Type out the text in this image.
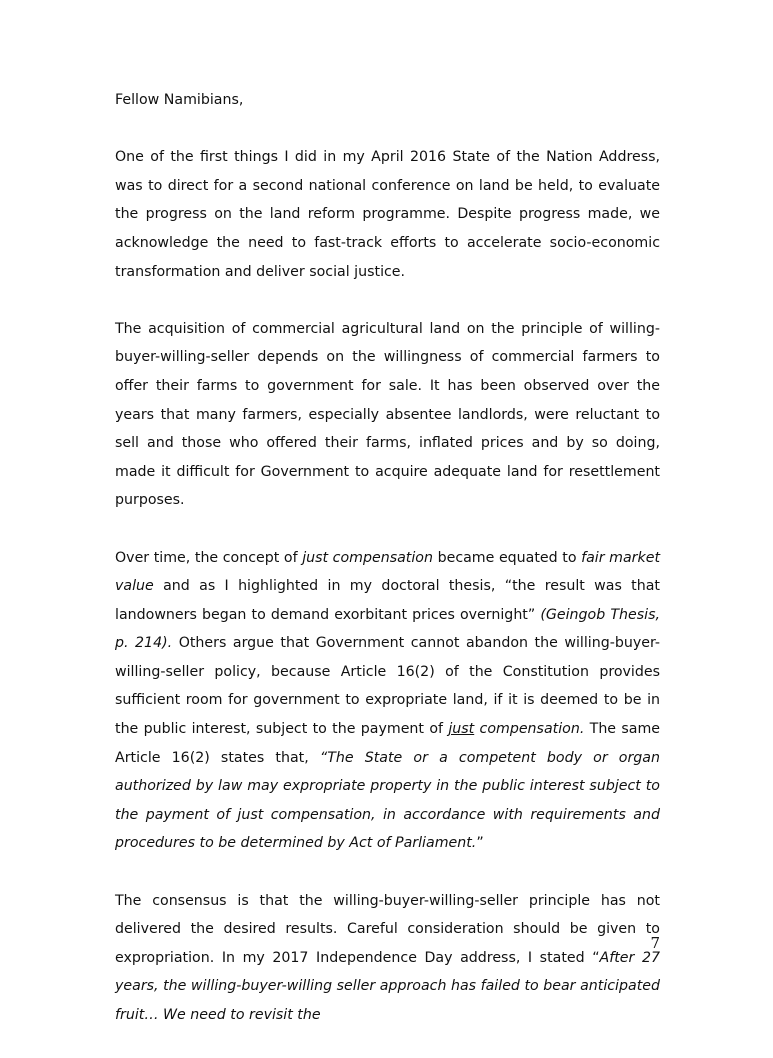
Fellow Namibians,

One of the first things I did in my April 2016 State of the Nation Address, was to direct for a second national conference on land be held, to evaluate the progress on the land reform programme. Despite progress made, we acknowledge the need to fast-track efforts to accelerate socio-economic transformation and deliver social justice.

The acquisition of commercial agricultural land on the principle of willing-buyer-willing-seller depends on the willingness of commercial farmers to offer their farms to government for sale. It has been observed over the years that many farmers, especially absentee landlords, were reluctant to sell and those who offered their farms, inflated prices and by so doing, made it difficult for Government to acquire adequate land for resettlement purposes.

Over time, the concept of just compensation became equated to fair market value and as I highlighted in my doctoral thesis, “the result was that landowners began to demand exorbitant prices overnight” (Geingob Thesis, p. 214). Others argue that Government cannot abandon the willing-buyer-willing-seller policy, because Article 16(2) of the Constitution provides sufficient room for government to expropriate land, if it is deemed to be in the public interest, subject to the payment of just compensation. The same Article 16(2) states that, “The State or a competent body or organ authorized by law may expropriate property in the public interest subject to the payment of just compensation, in accordance with requirements and procedures to be determined by Act of Parliament.”

The consensus is that the willing-buyer-willing-seller principle has not delivered the desired results. Careful consideration should be given to expropriation. In my 2017 Independence Day address, I stated “After 27 years, the willing-buyer-willing seller approach has failed to bear anticipated fruit… We need to revisit the

7
